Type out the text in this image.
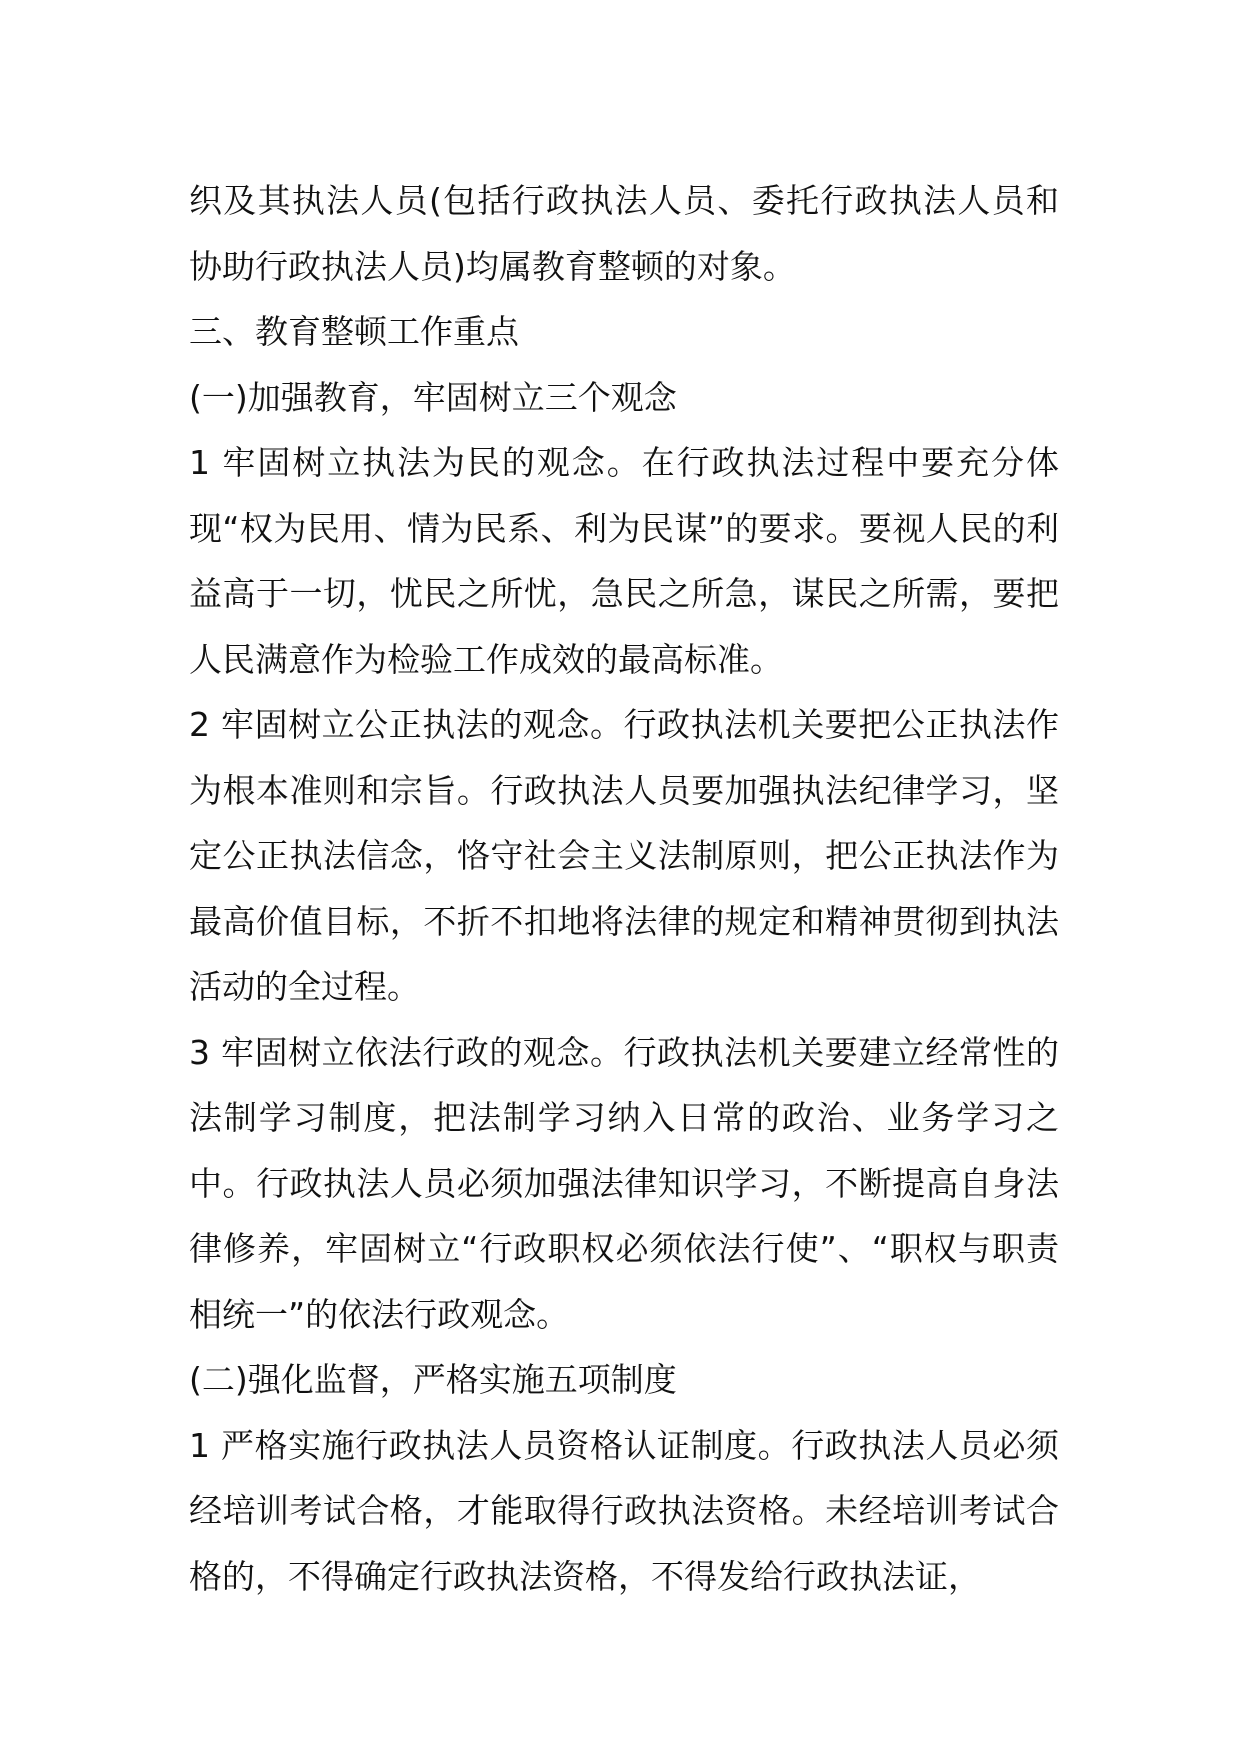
织及其执法人员(包括行政执法人员、委托行政执法人员和协助行政执法人员)均属教育整顿的对象。

三、教育整顿工作重点

(一)加强教育，牢固树立三个观念

1 牢固树立执法为民的观念。在行政执法过程中要充分体现“权为民用、情为民系、利为民谋”的要求。要视人民的利益高于一切，忧民之所忧，急民之所急，谋民之所需，要把人民满意作为检验工作成效的最高标准。

2 牢固树立公正执法的观念。行政执法机关要把公正执法作为根本准则和宗旨。行政执法人员要加强执法纪律学习，坚定公正执法信念，恪守社会主义法制原则，把公正执法作为最高价值目标，不折不扣地将法律的规定和精神贯彻到执法活动的全过程。

3 牢固树立依法行政的观念。行政执法机关要建立经常性的法制学习制度，把法制学习纳入日常的政治、业务学习之中。行政执法人员必须加强法律知识学习，不断提高自身法律修养，牢固树立“行政职权必须依法行使”、“职权与职责相统一”的依法行政观念。

(二)强化监督，严格实施五项制度

1 严格实施行政执法人员资格认证制度。行政执法人员必须经培训考试合格，才能取得行政执法资格。未经培训考试合格的，不得确定行政执法资格，不得发给行政执法证，
